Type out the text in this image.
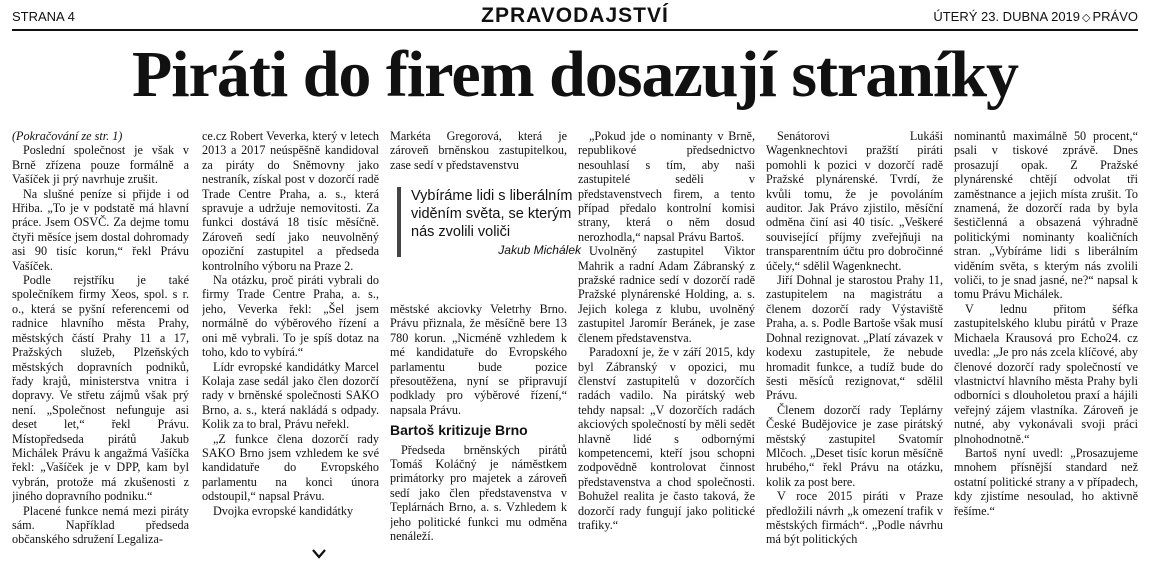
STRANA 4	ZPRAVODAJSTVÍ	ÚTERÝ 23. DUBNA 2019 ◇ PRÁVO
Piráti do firem dosazují straníky

(Pokračování ze str. 1)

Poslední společnost je však v Brně zřízena pouze formálně a Vašíček ji prý navrhuje zrušit.

Na slušné peníze si přijde i od Hřiba. „To je v podstatě má hlavní práce. Jsem OSVČ. Za dejme tomu čtyři měsíce jsem dostal dohromady asi 90 tisíc korun,“ řekl Právu Vašíček.

Podle rejstříku je také společníkem firmy Xeos, spol. s r. o., která se pyšní referencemi od radnice hlavního města Prahy, městských částí Prahy 11 a 17, Pražských služeb, Plzeňských městských dopravních podniků, řady krajů, ministerstva vnitra i dopravy. Ve střetu zájmů však prý není. „Společnost nefunguje asi deset let,“ řekl Právu. Místopředseda pirátů Jakub Michálek Právu k angažmá Vašíčka řekl: „Vašíček je v DPP, kam byl vybrán, protože má zkušenosti z jiného dopravního podniku.“

Placené funkce nemá mezi piráty sám. Například předseda občanského sdružení Legaliza-

ce.cz Robert Veverka, který v letech 2013 a 2017 neúspěšně kandidoval za piráty do Sněmovny jako nestraník, získal post v dozorčí radě Trade Centre Praha, a. s., která spravuje a udržuje nemovitosti. Za funkci dostává 18 tisíc měsíčně. Zároveň sedí jako neuvolněný opoziční zastupitel a předseda kontrolního výboru na Praze 2.

Na otázku, proč piráti vybrali do firmy Trade Centre Praha, a. s., jeho, Veverka řekl: „Šel jsem normálně do výběrového řízení a oni mě vybrali. To je spíš dotaz na toho, kdo to vybírá.“

Lídr evropské kandidátky Marcel Kolaja zase sedál jako člen dozorčí rady v brněnské společnosti SAKO Brno, a. s., která nakládá s odpady. Kolik za to bral, Právu neřekl.

„Z funkce člena dozorčí rady SAKO Brno jsem vzhledem ke své kandidatuře do Evropského parlamentu na konci února odstoupil,“ napsal Právu.

Dvojka evropské kandidátky

Markéta Gregorová, která je zároveň brněnskou zastupitelkou, zase sedí v představenstvu

Vybíráme lidi s liberálním viděním světa, se kterým nás zvolili voliči
Jakub Michálek

městské akciovky Veletrhy Brno. Právu přiznala, že měsíčně bere 13 780 korun. „Nicméně vzhledem k mé kandidatuře do Evropského parlamentu bude pozice přesoutěžena, nyní se připravují podklady pro výběrové řízení,“ napsala Právu.

Bartoš kritizuje Brno

Předseda brněnských pirátů Tomáš Koláčný je náměstkem primátorky pro majetek a zároveň sedí jako člen představenstva v Teplárnách Brno, a. s. Vzhledem k jeho politické funkci mu odměna nenáleží.

„Pokud jde o nominanty v Brně, republikové předsednictvo nesouhlasí s tím, aby naši zastupitelé seděli v představenstvech firem, a tento případ předalo kontrolní komisi strany, která o něm dosud nerozhodla,“ napsal Právu Bartoš.

Uvolněný zastupitel Viktor Mahrik a radní Adam Zábranský z pražské radnice sedí v dozorčí radě Pražské plynárenské Holding, a. s. Jejich kolega z klubu, uvolněný zastupitel Jaromír Beránek, je zase členem představenstva.

Paradoxní je, že v září 2015, kdy byl Zábranský v opozici, mu členství zastupitelů v dozorčích radách vadilo. Na pirátský web tehdy napsal: „V dozorčích radách akciových společností by měli sedět hlavně lidé s odbornými kompetencemi, kteří jsou schopni zodpovědně kontrolovat činnost představenstva a chod společnosti. Bohužel realita je často taková, že dozorčí rady fungují jako politické trafiky.“

Senátorovi Lukáši Wagenknechtovi pražští piráti pomohli k pozici v dozorčí radě Pražské plynárenské. Tvrdí, že kvůli tomu, že je povoláním auditor. Jak Právo zjistilo, měsíční odměna činí asi 40 tisíc. „Veškeré související příjmy zveřejňuji na transparentním účtu pro dobročinné účely,“ sdělil Wagenknecht.

Jiří Dohnal je starostou Prahy 11, zastupitelem na magistrátu a členem dozorčí rady Výstaviště Praha, a. s. Podle Bartoše však musí Dohnal rezignovat. „Platí závazek v kodexu zastupitele, že nebude hromadit funkce, a tudíž bude do šesti měsíců rezignovat,“ sdělil Právu.

Členem dozorčí rady Teplárny České Budějovice je zase pirátský městský zastupitel Svatomír Mlčoch. „Deset tisíc korun měsíčně hrubého,“ řekl Právu na otázku, kolik za post bere.

V roce 2015 piráti v Praze předložili návrh „k omezení trafik v městských firmách“. „Podle návrhu má být politických

nominantů maximálně 50 procent,“ psali v tiskové zprávě. Dnes prosazují opak. Z Pražské plynárenské chtějí odvolat tři zaměstnance a jejich místa zrušit. To znamená, že dozorčí rada by byla šestičlenná a obsazená výhradně politickými nominanty koaličních stran. „Vybíráme lidi s liberálním viděním světa, s kterým nás zvolili voliči, to je snad jasné, ne?“ napsal k tomu Právu Michálek.

V lednu přitom šéfka zastupitelského klubu pirátů v Praze Michaela Krausová pro Echo24. cz uvedla: „Je pro nás zcela klíčové, aby členové dozorčí rady společností ve vlastnictví hlavního města Prahy byli odborníci s dlouholetou praxí a hájili veřejný zájem vlastníka. Zároveň je nutné, aby vykonávali svoji práci plnohodnotně.“

Bartoš nyní uvedl: „Prosazujeme mnohem přísnější standard než ostatní politické strany a v případech, kdy zjistíme nesoulad, ho aktivně řešíme.“
